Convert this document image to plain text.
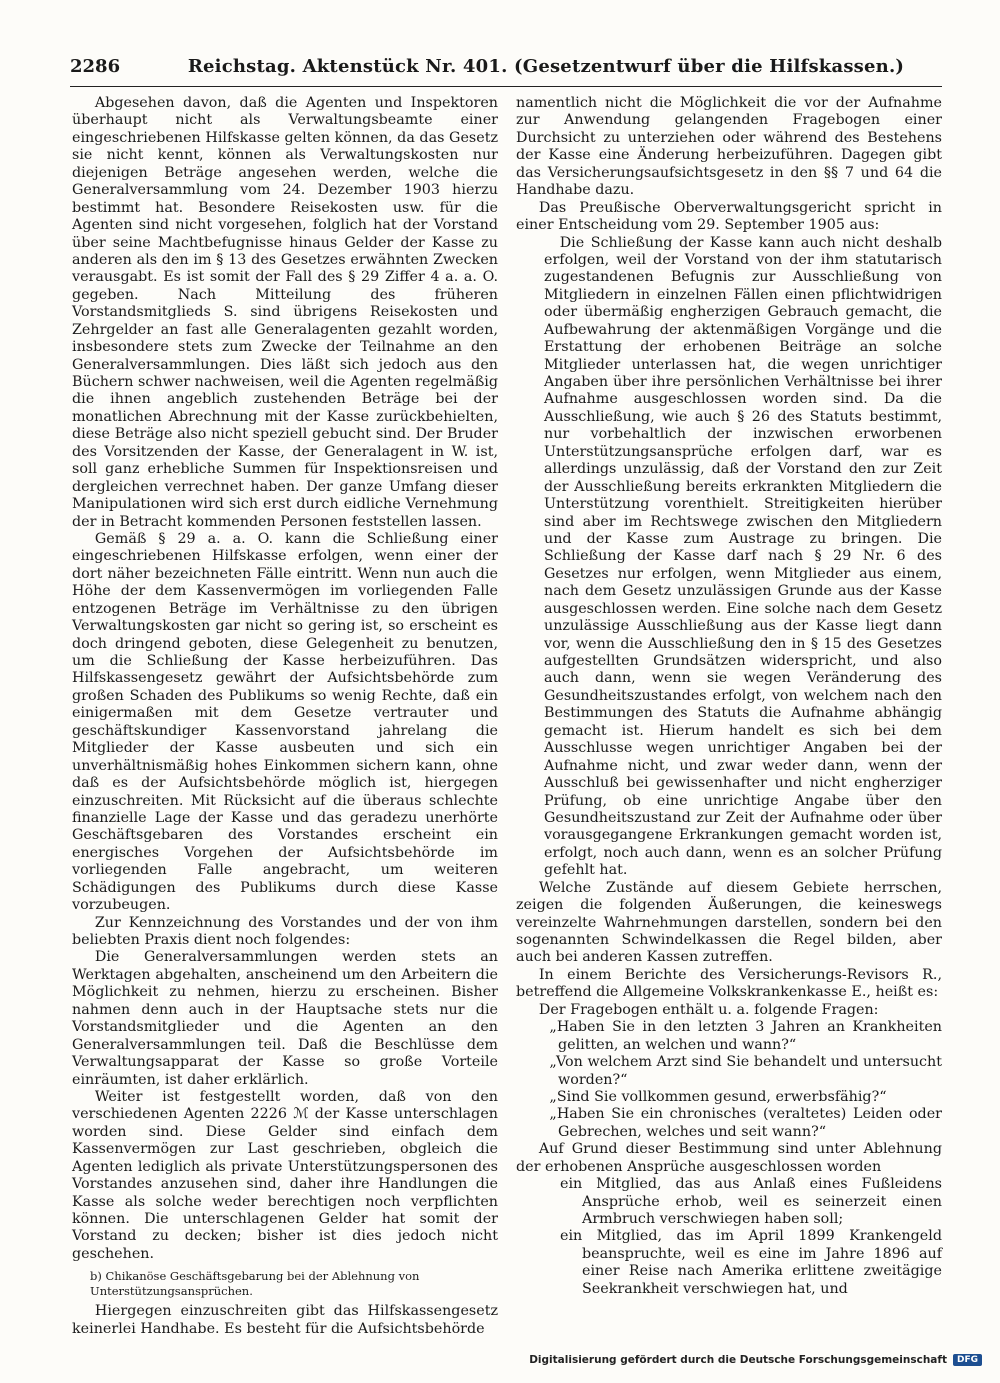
2286	Reichstag. Aktenstück Nr. 401. (Gesetzentwurf über die Hilfskassen.)

Abgesehen davon, daß die Agenten und Inspektoren überhaupt nicht als Verwaltungsbeamte einer eingeschriebenen Hilfskasse gelten können, da das Gesetz sie nicht kennt, können als Verwaltungskosten nur diejenigen Beträge angesehen werden, welche die Generalversammlung vom 24. Dezember 1903 hierzu bestimmt hat. Besondere Reisekosten usw. für die Agenten sind nicht vorgesehen, folglich hat der Vorstand über seine Machtbefugnisse hinaus Gelder der Kasse zu anderen als den im § 13 des Gesetzes erwähnten Zwecken verausgabt. Es ist somit der Fall des § 29 Ziffer 4 a. a. O. gegeben. Nach Mitteilung des früheren Vorstandsmitglieds S. sind übrigens Reisekosten und Zehrgelder an fast alle Generalagenten gezahlt worden, insbesondere stets zum Zwecke der Teilnahme an den Generalversammlungen. Dies läßt sich jedoch aus den Büchern schwer nachweisen, weil die Agenten regelmäßig die ihnen angeblich zustehenden Beträge bei der monatlichen Abrechnung mit der Kasse zurückbehielten, diese Beträge also nicht speziell gebucht sind. Der Bruder des Vorsitzenden der Kasse, der Generalagent in W. ist, soll ganz erhebliche Summen für Inspektionsreisen und dergleichen verrechnet haben. Der ganze Umfang dieser Manipulationen wird sich erst durch eidliche Vernehmung der in Betracht kommenden Personen feststellen lassen.

Gemäß § 29 a. a. O. kann die Schließung einer eingeschriebenen Hilfskasse erfolgen, wenn einer der dort näher bezeichneten Fälle eintritt. Wenn nun auch die Höhe der dem Kassenvermögen im vorliegenden Falle entzogenen Beträge im Verhältnisse zu den übrigen Verwaltungskosten gar nicht so gering ist, so erscheint es doch dringend geboten, diese Gelegenheit zu benutzen, um die Schließung der Kasse herbeizuführen. Das Hilfskassengesetz gewährt der Aufsichtsbehörde zum großen Schaden des Publikums so wenig Rechte, daß ein einigermaßen mit dem Gesetze vertrauter und geschäftskundiger Kassenvorstand jahrelang die Mitglieder der Kasse ausbeuten und sich ein unverhältnismäßig hohes Einkommen sichern kann, ohne daß es der Aufsichtsbehörde möglich ist, hiergegen einzuschreiten. Mit Rücksicht auf die überaus schlechte finanzielle Lage der Kasse und das geradezu unerhörte Geschäftsgebaren des Vorstandes erscheint ein energisches Vorgehen der Aufsichtsbehörde im vorliegenden Falle angebracht, um weiteren Schädigungen des Publikums durch diese Kasse vorzubeugen.

Zur Kennzeichnung des Vorstandes und der von ihm beliebten Praxis dient noch folgendes:

Die Generalversammlungen werden stets an Werktagen abgehalten, anscheinend um den Arbeitern die Möglichkeit zu nehmen, hierzu zu erscheinen. Bisher nahmen denn auch in der Hauptsache stets nur die Vorstandsmitglieder und die Agenten an den Generalversammlungen teil. Daß die Beschlüsse dem Verwaltungsapparat der Kasse so große Vorteile einräumten, ist daher erklärlich.

Weiter ist festgestellt worden, daß von den verschiedenen Agenten 2226 ℳ der Kasse unterschlagen worden sind. Diese Gelder sind einfach dem Kassenvermögen zur Last geschrieben, obgleich die Agenten lediglich als private Unterstützungspersonen des Vorstandes anzusehen sind, daher ihre Handlungen die Kasse als solche weder berechtigen noch verpflichten können. Die unterschlagenen Gelder hat somit der Vorstand zu decken; bisher ist dies jedoch nicht geschehen.

b) Chikanöse Geschäftsgebarung bei der Ablehnung von Unterstützungsansprüchen.

Hiergegen einzuschreiten gibt das Hilfskassengesetz keinerlei Handhabe. Es besteht für die Aufsichtsbehörde

namentlich nicht die Möglichkeit die vor der Aufnahme zur Anwendung gelangenden Fragebogen einer Durchsicht zu unterziehen oder während des Bestehens der Kasse eine Änderung herbeizuführen. Dagegen gibt das Versicherungsaufsichtsgesetz in den §§ 7 und 64 die Handhabe dazu.

Das Preußische Oberverwaltungsgericht spricht in einer Entscheidung vom 29. September 1905 aus:

Die Schließung der Kasse kann auch nicht deshalb erfolgen, weil der Vorstand von der ihm statutarisch zugestandenen Befugnis zur Ausschließung von Mitgliedern in einzelnen Fällen einen pflichtwidrigen oder übermäßig engherzigen Gebrauch gemacht, die Aufbewahrung der aktenmäßigen Vorgänge und die Erstattung der erhobenen Beiträge an solche Mitglieder unterlassen hat, die wegen unrichtiger Angaben über ihre persönlichen Verhältnisse bei ihrer Aufnahme ausgeschlossen worden sind. Da die Ausschließung, wie auch § 26 des Statuts bestimmt, nur vorbehaltlich der inzwischen erworbenen Unterstützungsansprüche erfolgen darf, war es allerdings unzulässig, daß der Vorstand den zur Zeit der Ausschließung bereits erkrankten Mitgliedern die Unterstützung vorenthielt. Streitigkeiten hierüber sind aber im Rechtswege zwischen den Mitgliedern und der Kasse zum Austrage zu bringen. Die Schließung der Kasse darf nach § 29 Nr. 6 des Gesetzes nur erfolgen, wenn Mitglieder aus einem, nach dem Gesetz unzulässigen Grunde aus der Kasse ausgeschlossen werden. Eine solche nach dem Gesetz unzulässige Ausschließung aus der Kasse liegt dann vor, wenn die Ausschließung den in § 15 des Gesetzes aufgestellten Grundsätzen widerspricht, und also auch dann, wenn sie wegen Veränderung des Gesundheitszustandes erfolgt, von welchem nach den Bestimmungen des Statuts die Aufnahme abhängig gemacht ist. Hierum handelt es sich bei dem Ausschlusse wegen unrichtiger Angaben bei der Aufnahme nicht, und zwar weder dann, wenn der Ausschluß bei gewissenhafter und nicht engherziger Prüfung, ob eine unrichtige Angabe über den Gesundheitszustand zur Zeit der Aufnahme oder über vorausgegangene Erkrankungen gemacht worden ist, erfolgt, noch auch dann, wenn es an solcher Prüfung gefehlt hat.

Welche Zustände auf diesem Gebiete herrschen, zeigen die folgenden Äußerungen, die keineswegs vereinzelte Wahrnehmungen darstellen, sondern bei den sogenannten Schwindelkassen die Regel bilden, aber auch bei anderen Kassen zutreffen.

In einem Berichte des Versicherungs-Revisors R., betreffend die Allgemeine Volkskrankenkasse E., heißt es:

Der Fragebogen enthält u. a. folgende Fragen:

„Haben Sie in den letzten 3 Jahren an Krankheiten gelitten, an welchen und wann?“

„Von welchem Arzt sind Sie behandelt und untersucht worden?“

„Sind Sie vollkommen gesund, erwerbsfähig?“

„Haben Sie ein chronisches (veraltetes) Leiden oder Gebrechen, welches und seit wann?“

Auf Grund dieser Bestimmung sind unter Ablehnung der erhobenen Ansprüche ausgeschlossen worden

ein Mitglied, das aus Anlaß eines Fußleidens Ansprüche erhob, weil es seinerzeit einen Armbruch verschwiegen haben soll;

ein Mitglied, das im April 1899 Krankengeld beanspruchte, weil es eine im Jahre 1896 auf einer Reise nach Amerika erlittene zweitägige Seekrankheit verschwiegen hat, und

Digitalisierung gefördert durch die Deutsche Forschungsgemeinschaft	DFG
